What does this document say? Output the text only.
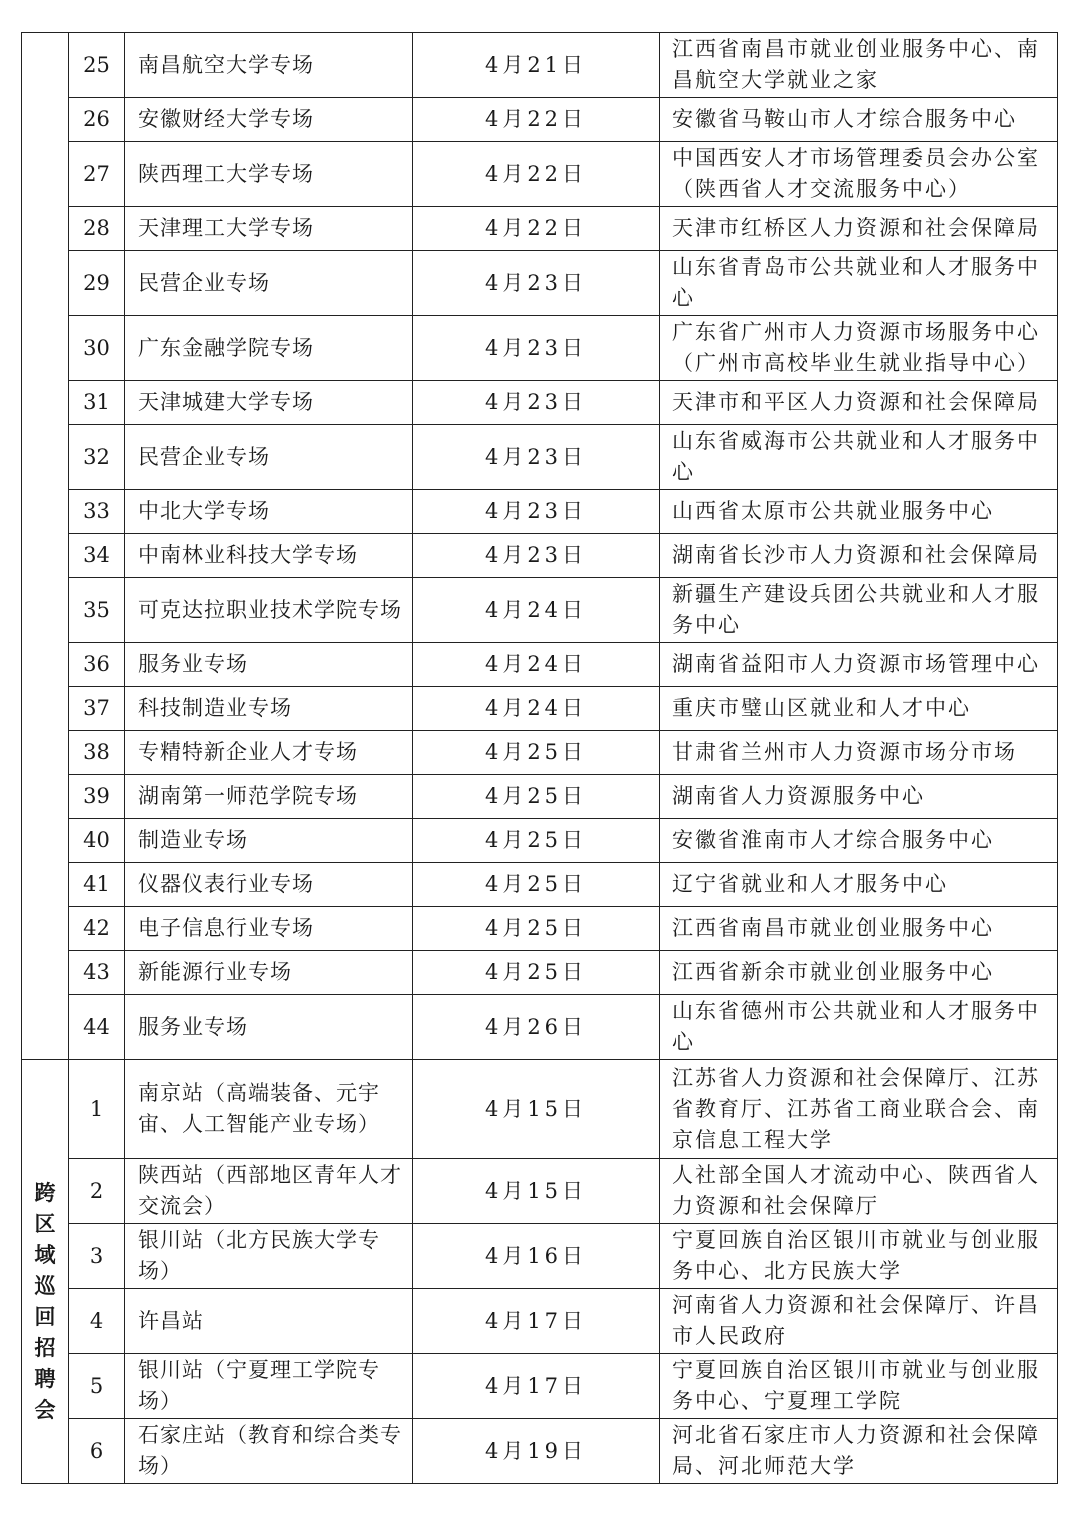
	25	南昌航空大学专场	4月21日	江西省南昌市就业创业服务中心、南昌航空大学就业之家
	26	安徽财经大学专场	4月22日	安徽省马鞍山市人才综合服务中心
	27	陕西理工大学专场	4月22日	中国西安人才市场管理委员会办公室（陕西省人才交流服务中心）
	28	天津理工大学专场	4月22日	天津市红桥区人力资源和社会保障局
	29	民营企业专场	4月23日	山东省青岛市公共就业和人才服务中心
	30	广东金融学院专场	4月23日	广东省广州市人力资源市场服务中心（广州市高校毕业生就业指导中心）
	31	天津城建大学专场	4月23日	天津市和平区人力资源和社会保障局
	32	民营企业专场	4月23日	山东省威海市公共就业和人才服务中心
	33	中北大学专场	4月23日	山西省太原市公共就业服务中心
	34	中南林业科技大学专场	4月23日	湖南省长沙市人力资源和社会保障局
	35	可克达拉职业技术学院专场	4月24日	新疆生产建设兵团公共就业和人才服务中心
	36	服务业专场	4月24日	湖南省益阳市人力资源市场管理中心
	37	科技制造业专场	4月24日	重庆市璧山区就业和人才中心
	38	专精特新企业人才专场	4月25日	甘肃省兰州市人力资源市场分市场
	39	湖南第一师范学院专场	4月25日	湖南省人力资源服务中心
	40	制造业专场	4月25日	安徽省淮南市人才综合服务中心
	41	仪器仪表行业专场	4月25日	辽宁省就业和人才服务中心
	42	电子信息行业专场	4月25日	江西省南昌市就业创业服务中心
	43	新能源行业专场	4月25日	江西省新余市就业创业服务中心
	44	服务业专场	4月26日	山东省德州市公共就业和人才服务中心
跨区域巡回招聘会	1	南京站（高端装备、元宇宙、人工智能产业专场）	4月15日	江苏省人力资源和社会保障厅、江苏省教育厅、江苏省工商业联合会、南京信息工程大学
	2	陕西站（西部地区青年人才交流会）	4月15日	人社部全国人才流动中心、陕西省人力资源和社会保障厅
	3	银川站（北方民族大学专场）	4月16日	宁夏回族自治区银川市就业与创业服务中心、北方民族大学
	4	许昌站	4月17日	河南省人力资源和社会保障厅、许昌市人民政府
	5	银川站（宁夏理工学院专场）	4月17日	宁夏回族自治区银川市就业与创业服务中心、宁夏理工学院
	6	石家庄站（教育和综合类专场）	4月19日	河北省石家庄市人力资源和社会保障局、河北师范大学
